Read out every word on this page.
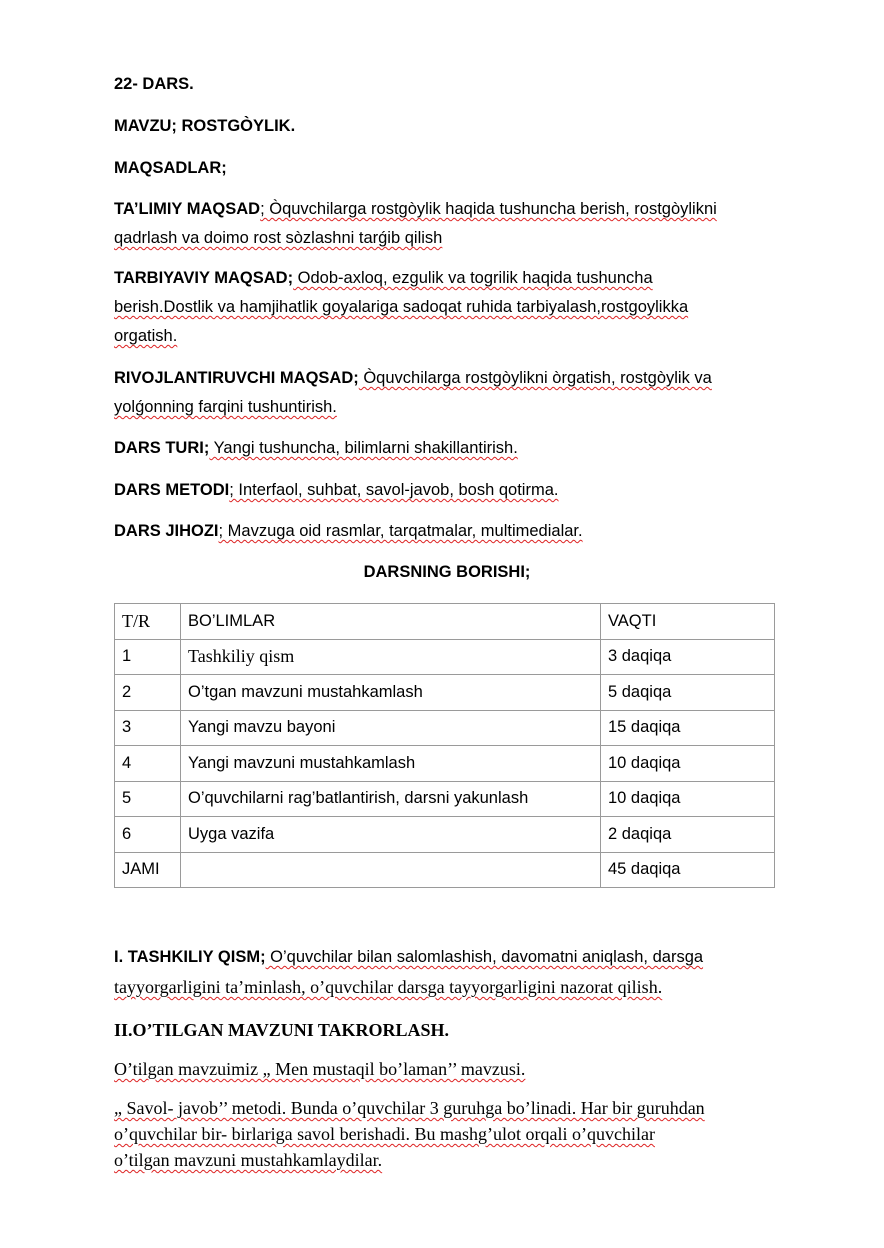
22- DARS.
MAVZU; ROSTGÒYLIK.
MAQSADLAR;
TA’LIMIY MAQSAD; Òquvchilarga rostgòylik haqida tushuncha berish, rostgòylikni
qadrlash va doimo rost sòzlashni tarǵib qilish
TARBIYAVIY MAQSAD; Odob-axloq, ezgulik va togrilik haqida tushuncha
berish.Dostlik va hamjihatlik goyalariga sadoqat ruhida tarbiyalash,rostgoylikka
orgatish.
RIVOJLANTIRUVCHI MAQSAD; Òquvchilarga rostgòylikni òrgatish, rostgòylik va
yolǵonning farqini tushuntirish.
DARS TURI; Yangi tushuncha, bilimlarni shakillantirish.
DARS METODI; Interfaol, suhbat, savol-javob, bosh qotirma.
DARS JIHOZI; Mavzuga oid rasmlar, tarqatmalar, multimedialar.
DARSNING BORISHI;
T/R	BO’LIMLAR	VAQTI
1	Tashkiliy qism	3 daqiqa
2	O’tgan mavzuni mustahkamlash	5 daqiqa
3	Yangi mavzu bayoni	15 daqiqa
4	Yangi mavzuni mustahkamlash	10 daqiqa
5	O’quvchilarni rag’batlantirish, darsni yakunlash	10 daqiqa
6	Uyga vazifa	2 daqiqa
JAMI		45 daqiqa
I. TASHKILIY QISM; O’quvchilar bilan salomlashish, davomatni aniqlash, darsga
tayyorgarligini ta’minlash, o’quvchilar darsga tayyorgarligini nazorat qilish.
II.O’TILGAN MAVZUNI TAKRORLASH.
O’tilgan mavzuimiz „ Men mustaqil bo’laman’’ mavzusi.
„ Savol- javob’’ metodi. Bunda o’quvchilar 3 guruhga bo’linadi. Har bir guruhdan
o’quvchilar bir- birlariga savol berishadi. Bu mashg’ulot orqali o’quvchilar
o’tilgan mavzuni mustahkamlaydilar.
